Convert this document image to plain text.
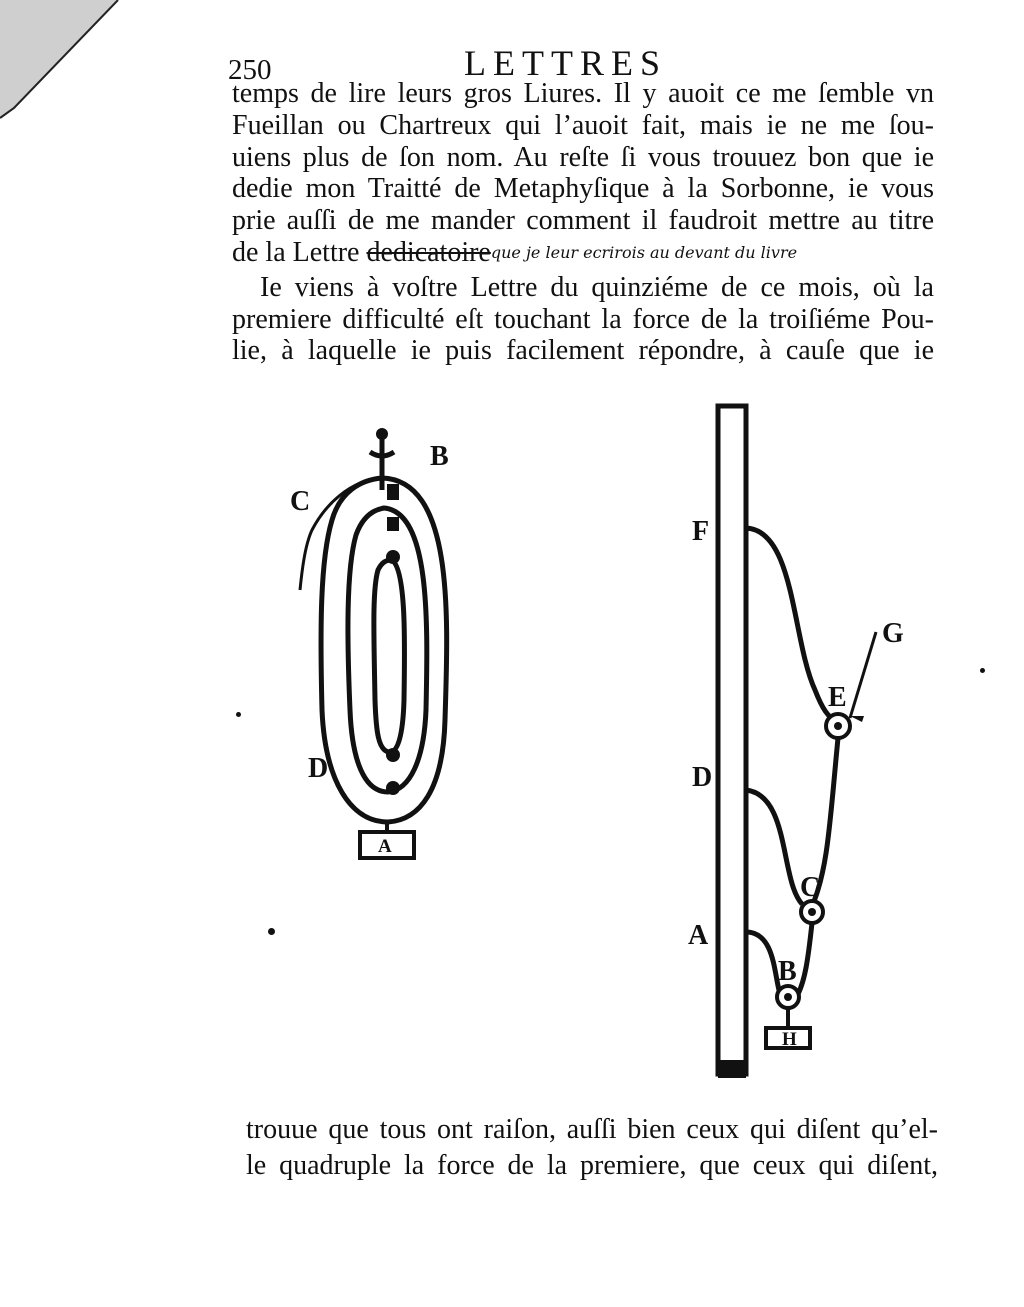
250	LETTRES
temps de lire leurs gros Liures. Il y auoit ce me ſemble vn
Fueillan ou Chartreux qui l’auoit fait, mais ie ne me ſou-
uiens plus de ſon nom. Au reſte ſi vous trouuez bon que ie
dedie mon Traitté de Metaphyſique à la Sorbonne, ie vous
prie auſſi de me mander comment il faudroit mettre au titre
de la Lettre dedicatoireque je leur ecrirois au devant du livre
Ie viens à voſtre Lettre du quinziéme de ce mois, où la
premiere difficulté eſt touchant la force de la troiſiéme Pou-
lie, à laquelle ie puis facilement répondre, à cauſe que ie
A
B
C
D
H
F
G
E
D
C
A
B
trouue que tous ont raiſon, auſſi bien ceux qui diſent qu’el-
le quadruple la force de la premiere, que ceux qui diſent,
